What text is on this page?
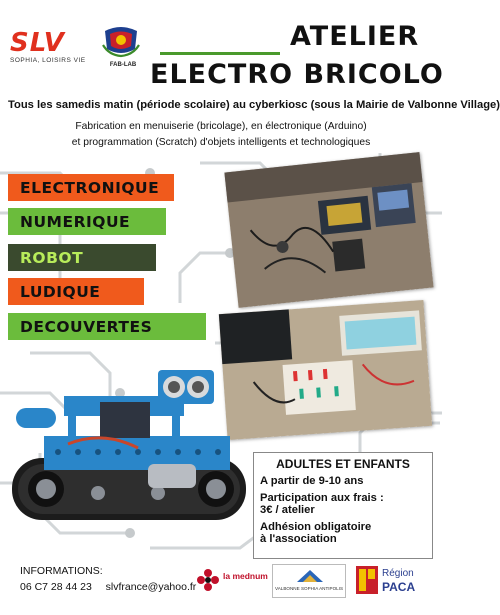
SLV
SOPHIA, LOISIRS VIE
FAB-LAB
ATELIER
ELECTRO BRICOLO
Tous les samedis matin (période scolaire) au cyberkiosc (sous la Mairie de Valbonne Village)
Fabrication en menuiserie (bricolage), en électronique (Arduino)
et programmation (Scratch) d'objets intelligents et technologiques
ELECTRONIQUE
NUMERIQUE
ROBOT
LUDIQUE
DECOUVERTES
ADULTES ET ENFANTS
A partir de 9-10 ans
Participation aux frais :
3€ / atelier
Adhésion obligatoire
à l'association
INFORMATIONS:
06 C7 28 44 23 slvfrance@yahoo.fr
la mednum
VALBONNE SOPHIA ANTIPOLIS
Région
PACA
